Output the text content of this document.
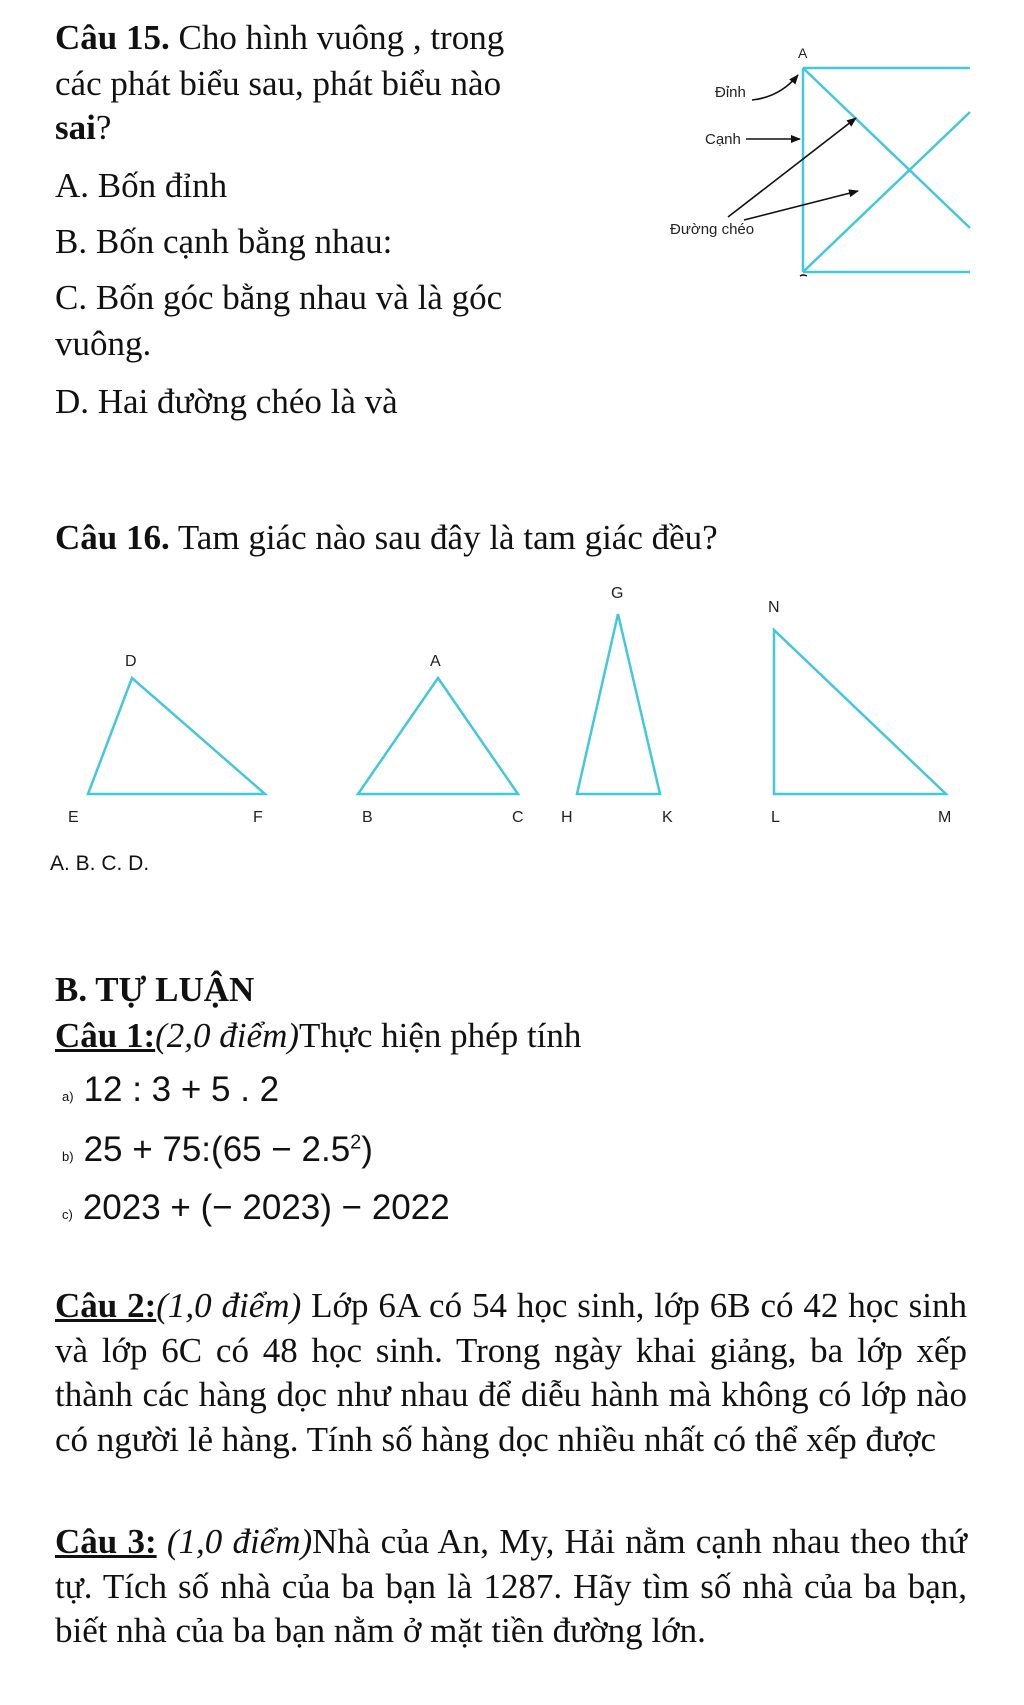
Câu 15. Cho hình vuông , trong
các phát biểu sau, phát biểu nào
sai?
A. Bốn đỉnh
B. Bốn cạnh bằng nhau:
C. Bốn góc bằng nhau và là góc
vuông.
D. Hai đường chéo là và
A
Đỉnh
Cạnh
Đường chéo
Câu 16. Tam giác nào sau đây là tam giác đều?
D
E	F
A
B	C
G
H	K
N
L	M
A. B. C. D.
B. TỰ LUẬN
Câu 1:(2,0 điểm)Thực hiện phép tính
a) 12 : 3 + 5 . 2
b) 25 + 75:(65 − $2.5^2$)
c) 2023 + (− 2023) − 2022
Câu 2:(1,0 điểm) Lớp 6A có 54 học sinh, lớp 6B có 42 học sinh và lớp 6C có 48 học sinh. Trong ngày khai giảng, ba lớp xếp thành các hàng dọc như nhau để diễu hành mà không có lớp nào có người lẻ hàng. Tính số hàng dọc nhiều nhất có thể xếp được
Câu 3: (1,0 điểm)Nhà của An, My, Hải nằm cạnh nhau theo thứ tự. Tích số nhà của ba bạn là 1287. Hãy tìm số nhà của ba bạn, biết nhà của ba bạn nằm ở mặt tiền đường lớn.
